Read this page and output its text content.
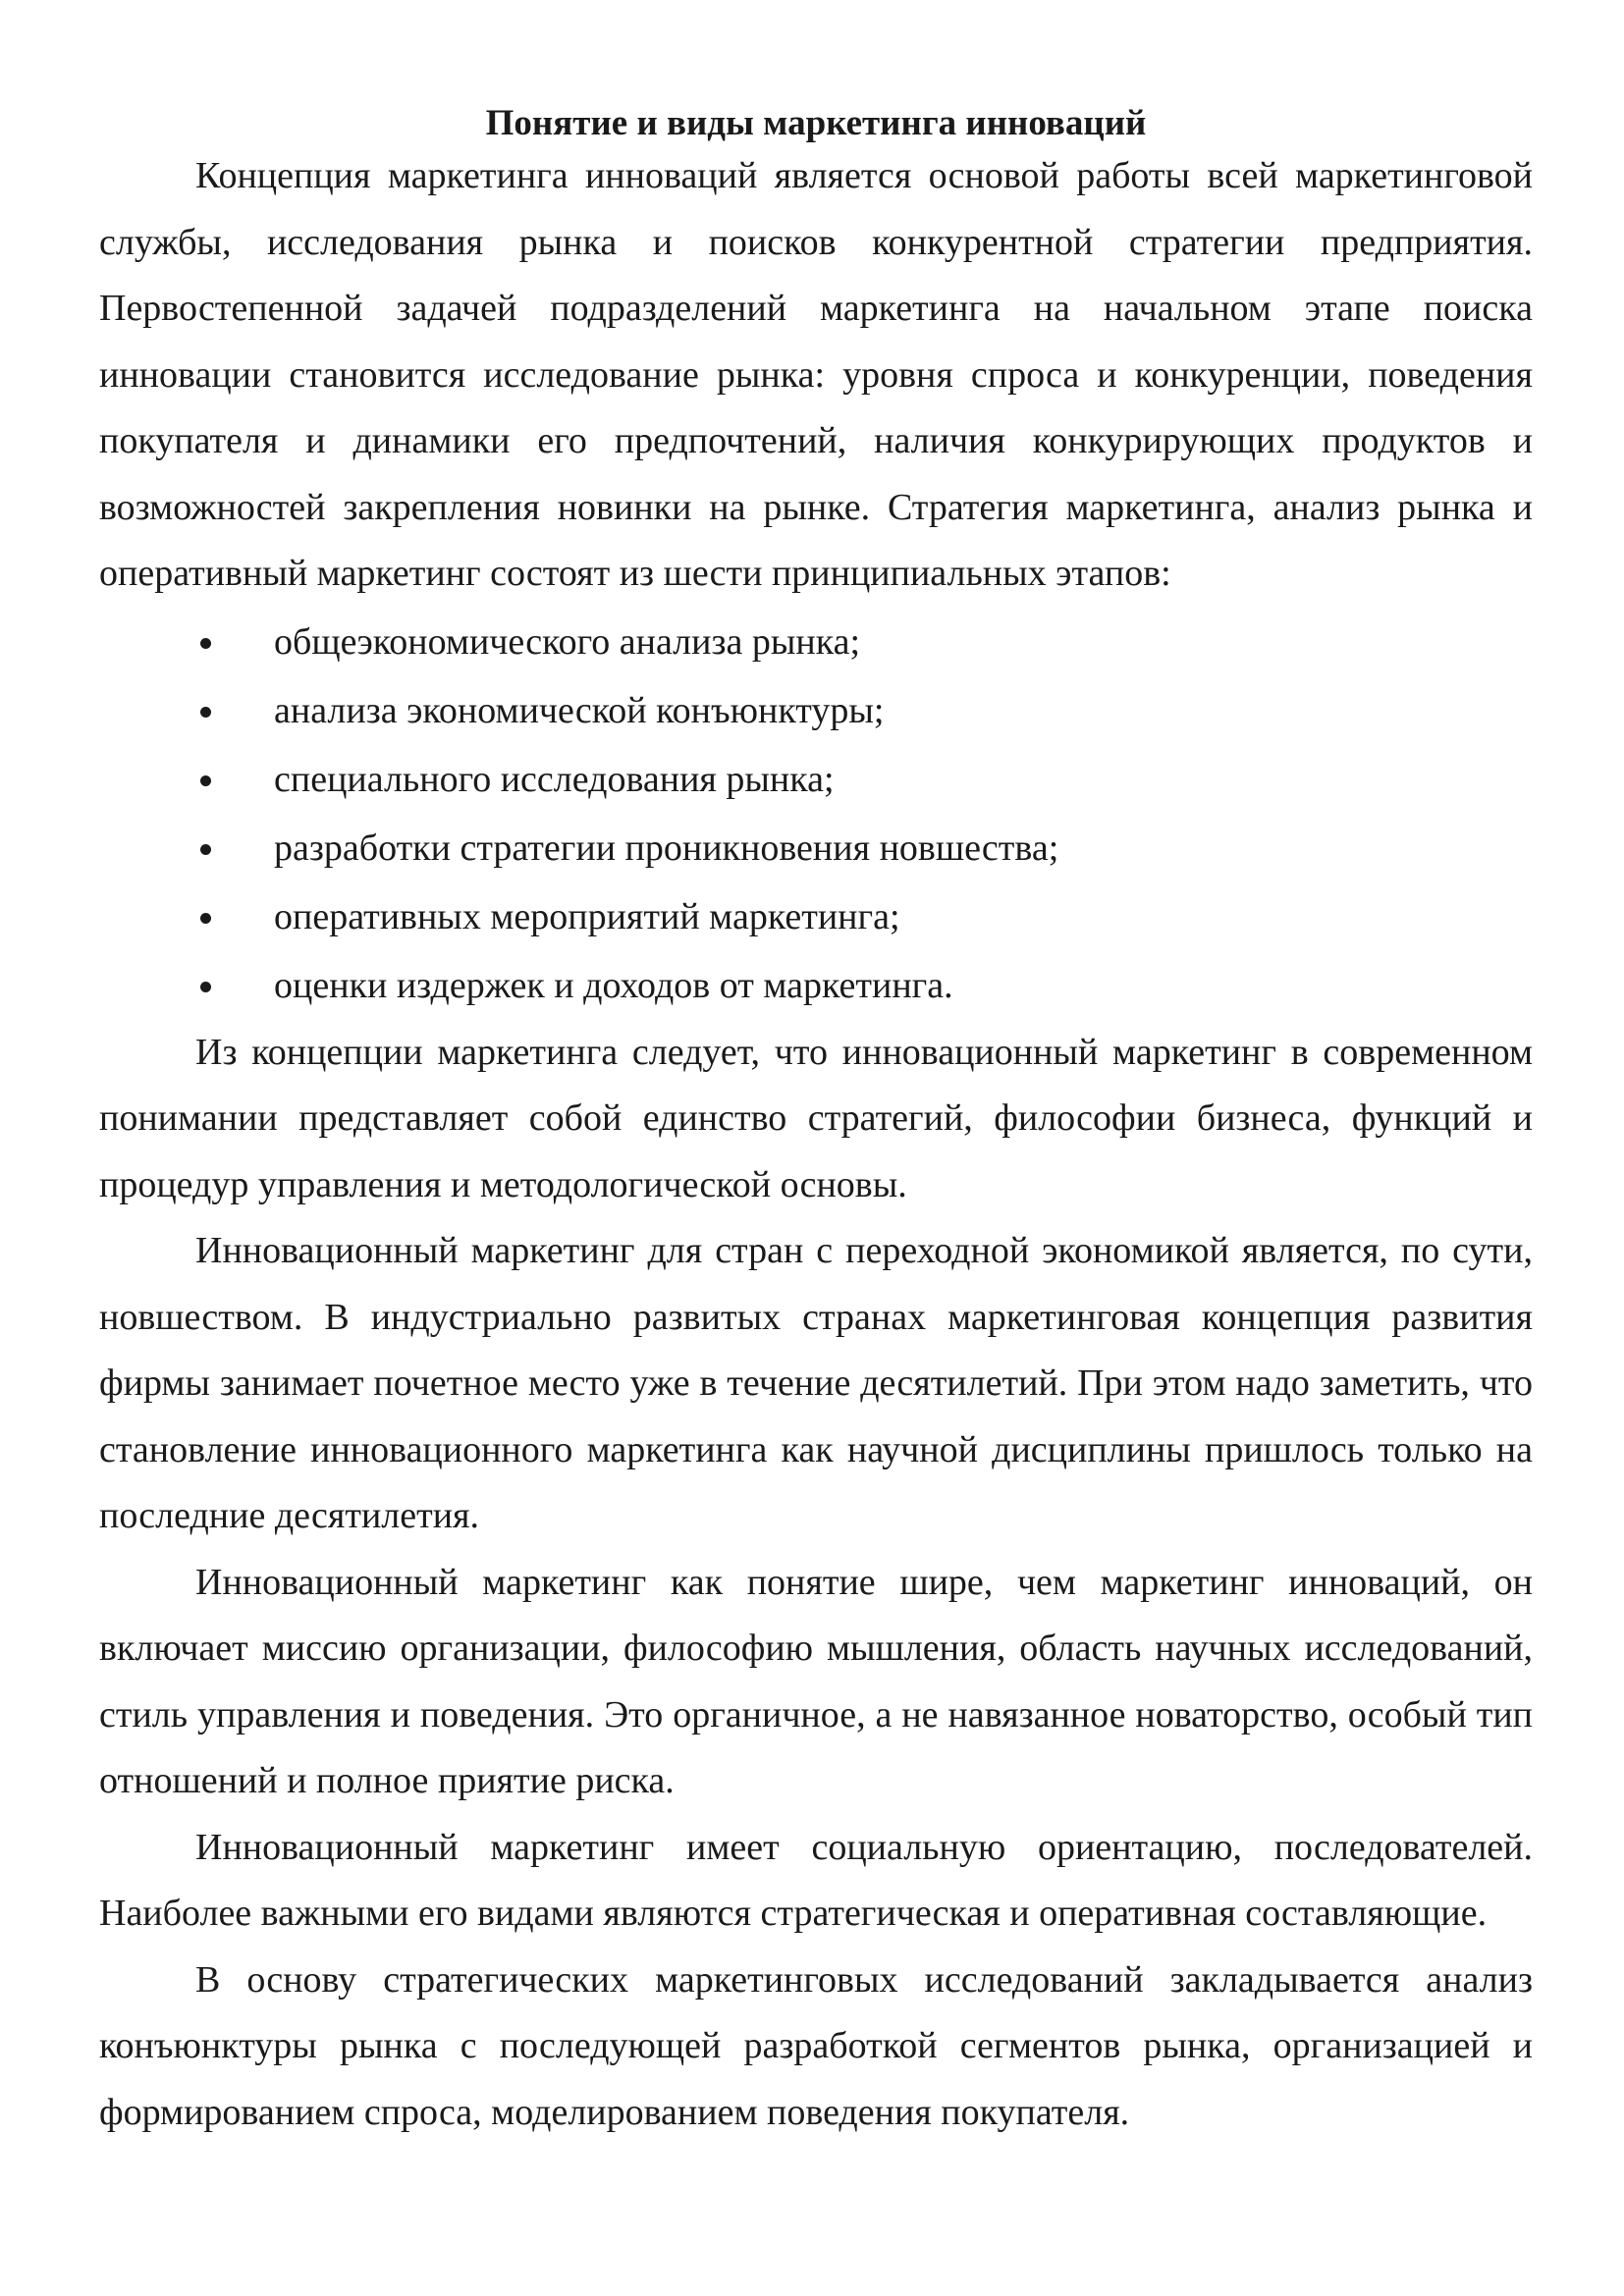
Понятие и виды маркетинга инноваций

Концепция маркетинга инноваций является основой работы всей маркетинговой службы, исследования рынка и поисков конкурентной стратегии предприятия. Первостепенной задачей подразделений маркетинга на начальном этапе поиска инновации становится исследование рынка: уровня спроса и конкуренции, поведения покупателя и динамики его предпочтений, наличия конкурирующих продуктов и возможностей закрепления новинки на рынке. Стратегия маркетинга, анализ рынка и оперативный маркетинг состоят из шести принципиальных этапов:

общеэкономического анализа рынка;
анализа экономической конъюнктуры;
специального исследования рынка;
разработки стратегии проникновения новшества;
оперативных мероприятий маркетинга;
оценки издержек и доходов от маркетинга.

Из концепции маркетинга следует, что инновационный маркетинг в современном понимании представляет собой единство стратегий, философии бизнеса, функций и процедур управления и методологической основы.

Инновационный маркетинг для стран с переходной экономикой является, по сути, новшеством. В индустриально развитых странах маркетинговая концепция развития фирмы занимает почетное место уже в течение десятилетий. При этом надо заметить, что становление инновационного маркетинга как научной дисциплины пришлось только на последние десятилетия.

Инновационный маркетинг как понятие шире, чем маркетинг инноваций, он включает миссию организации, философию мышления, область научных исследований, стиль управления и поведения. Это органичное, а не навязанное новаторство, особый тип отношений и полное приятие риска.

Инновационный маркетинг имеет социальную ориентацию, последователей. Наиболее важными его видами являются стратегическая и оперативная составляющие.

В основу стратегических маркетинговых исследований закладывается анализ конъюнктуры рынка с последующей разработкой сегментов рынка, организацией и формированием спроса, моделированием поведения покупателя.
